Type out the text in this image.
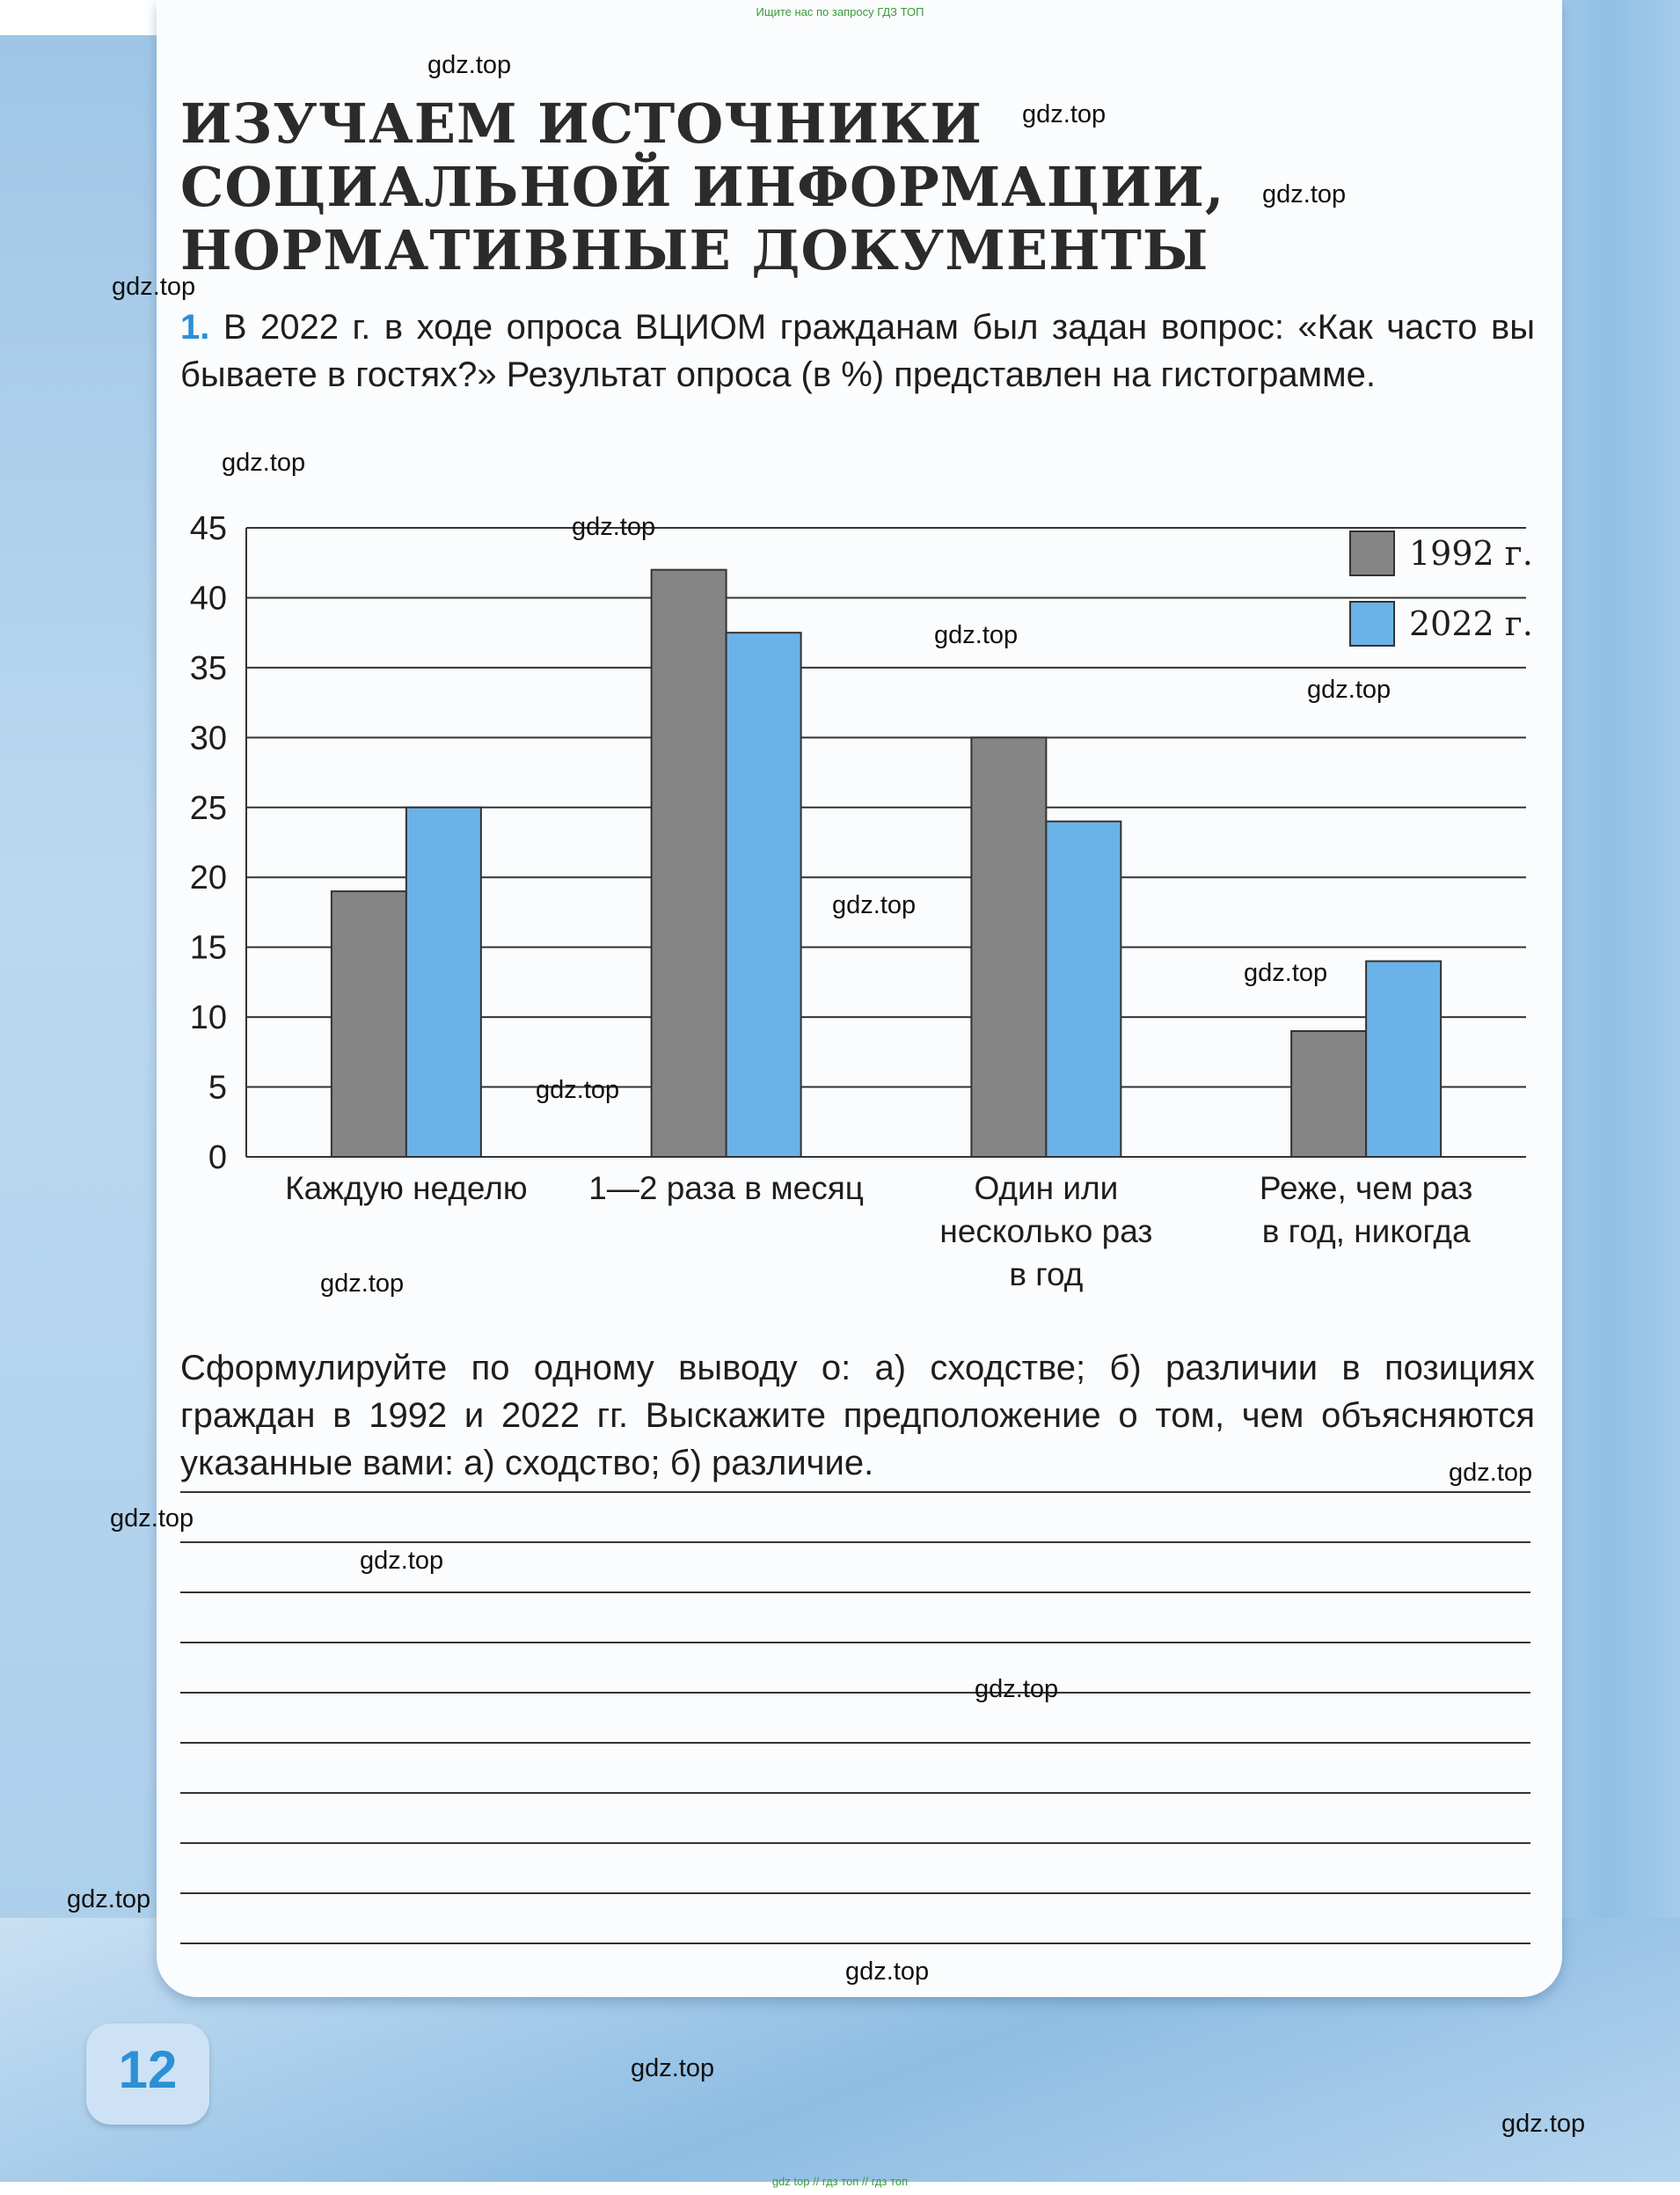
Ищите нас по запросу ГДЗ ТОП
ИЗУЧАЕМ ИСТОЧНИКИ
СОЦИАЛЬНОЙ ИНФОРМАЦИИ,
НОРМАТИВНЫЕ ДОКУМЕНТЫ
1. В 2022 г. в ходе опроса ВЦИОМ гражданам был задан вопрос: «Как часто вы бываете в гостях?» Результат опроса (в %) представлен на гистограмме.
0
5
10
15
20
25
30
35
40
45
Каждую неделю 1—2 раза в месяц	Один или
несколько раз
в год
Реже, чем раз
в год, никогда
1992 г.
2022 г.
Сформулируйте по одному выводу о: а) сходстве; б) различии в позициях граждан в 1992 и 2022 гг. Выскажите предположение о том, чем объясняются указанные вами: а) сходство; б) различие.
12
gdz.top
gdz.top
gdz.top
gdz.top
gdz.top
gdz.top
gdz.top
gdz.top
gdz.top
gdz.top
gdz.top
gdz.top
gdz.top
gdz.top
gdz.top
gdz.top
gdz.top
gdz.top
gdz.top
gdz.top
gdz top // гдз топ // гдз топ
